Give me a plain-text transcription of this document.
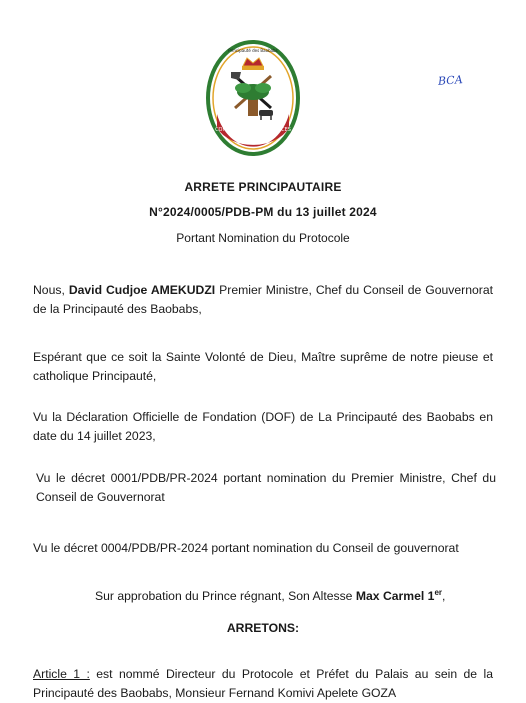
CONFIANCE FERMETE SUCCES
Principauté des Baobabs
BCA
ARRETE PRINCIPAUTAIRE
N°2024/0005/PDB-PM du 13 juillet 2024
Portant Nomination du Protocole
Nous, David Cudjoe AMEKUDZI Premier Ministre, Chef du Conseil de Gouvernorat de la Principauté des Baobabs,
Espérant que ce soit la Sainte Volonté de Dieu, Maître suprême de notre pieuse et catholique Principauté,
Vu la Déclaration Officielle de Fondation (DOF) de La Principauté des Baobabs en date du 14 juillet 2023,
Vu le décret 0001/PDB/PR-2024 portant nomination du Premier Ministre, Chef du Conseil de Gouvernorat
Vu le décret 0004/PDB/PR-2024 portant nomination du Conseil de gouvernorat
Sur approbation du Prince régnant, Son Altesse Max Carmel 1er,
ARRETONS:
Article 1 : est nommé Directeur du Protocole et Préfet du Palais au sein de la Principauté des Baobabs, Monsieur Fernand Komivi Apelete GOZA
